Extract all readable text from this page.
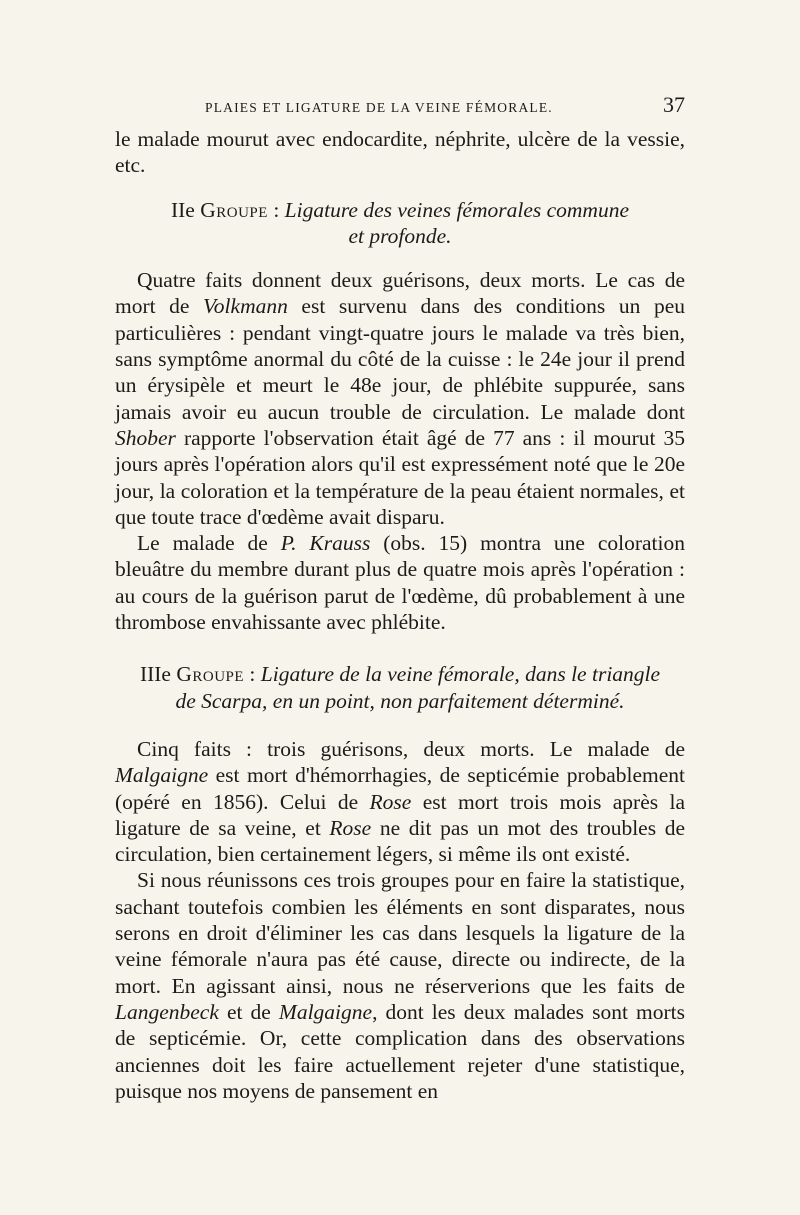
PLAIES ET LIGATURE DE LA VEINE FÉMORALE.	37

le malade mourut avec endocardite, néphrite, ulcère de la vessie, etc.

IIe Groupe : Ligature des veines fémorales commune
et profonde.

Quatre faits donnent deux guérisons, deux morts. Le cas de mort de Volkmann est survenu dans des conditions un peu particulières : pendant vingt-quatre jours le malade va très bien, sans symptôme anormal du côté de la cuisse : le 24e jour il prend un érysipèle et meurt le 48e jour, de phlébite suppurée, sans jamais avoir eu aucun trouble de circulation. Le malade dont Shober rapporte l'observation était âgé de 77 ans : il mourut 35 jours après l'opération alors qu'il est expressément noté que le 20e jour, la coloration et la température de la peau étaient normales, et que toute trace d'œdème avait disparu.

Le malade de P. Krauss (obs. 15) montra une coloration bleuâtre du membre durant plus de quatre mois après l'opération : au cours de la guérison parut de l'œdème, dû probablement à une thrombose envahissante avec phlébite.

IIIe Groupe : Ligature de la veine fémorale, dans le triangle
de Scarpa, en un point, non parfaitement déterminé.

Cinq faits : trois guérisons, deux morts. Le malade de Malgaigne est mort d'hémorrhagies, de septicémie probablement (opéré en 1856). Celui de Rose est mort trois mois après la ligature de sa veine, et Rose ne dit pas un mot des troubles de circulation, bien certainement légers, si même ils ont existé.

Si nous réunissons ces trois groupes pour en faire la statistique, sachant toutefois combien les éléments en sont disparates, nous serons en droit d'éliminer les cas dans lesquels la ligature de la veine fémorale n'aura pas été cause, directe ou indirecte, de la mort. En agissant ainsi, nous ne réserverions que les faits de Langenbeck et de Malgaigne, dont les deux malades sont morts de septicémie. Or, cette complication dans des observations anciennes doit les faire actuellement rejeter d'une statistique, puisque nos moyens de pansement en
